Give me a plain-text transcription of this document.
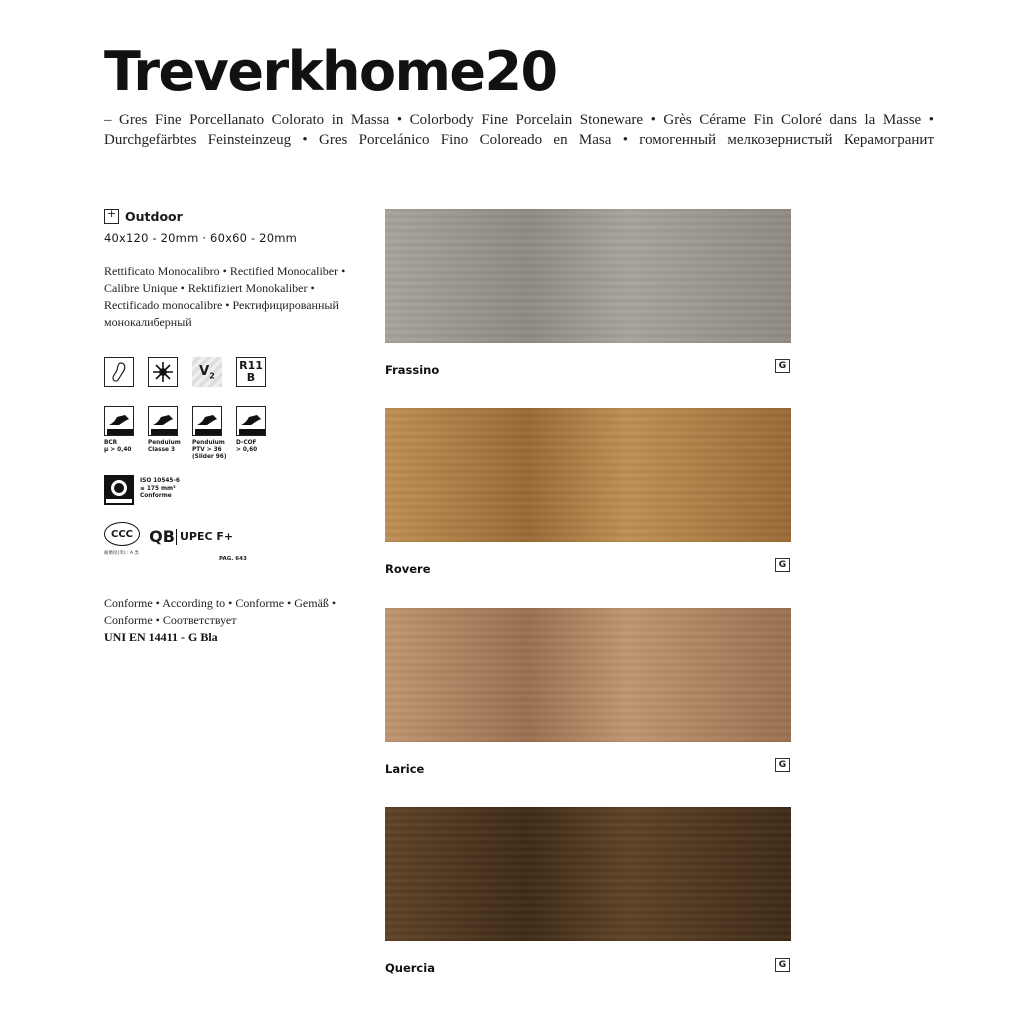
Treverkhome20
– Gres Fine Porcellanato Colorato in Massa • Colorbody Fine Porcelain Stoneware • Grès Cérame Fin Coloré dans la Masse • Durchgefärbtes Feinsteinzeug • Gres Porcelánico Fino Coloreado en Masa • гомогенный мелкозернистый Керамогранит
+
Outdoor
40x120 - 20mm · 60x60 - 20mm
Rettificato Monocalibro • Rectified Monocaliber • Calibre Unique • Rektifiziert Monokaliber • Rectificado monocalibre • Ректифицированный монокалиберный
$V_2$
R11
B
BCR
µ > 0,40
Pendulum
Classe 3
Pendulum
PTV > 36
(Slider 96)
D-COF
> 0,60
ISO 10545-6
≤ 175 mm³
Conforme
CCC
耐磨度(米) : A 类
QB UPEC F+
PAG. 643
Conforme • According to • Conforme • Gemäß • Conforme • Соответствует
UNI EN 14411 - G Bla
Frassino	G
Rovere	G
Larice	G
Quercia	G
